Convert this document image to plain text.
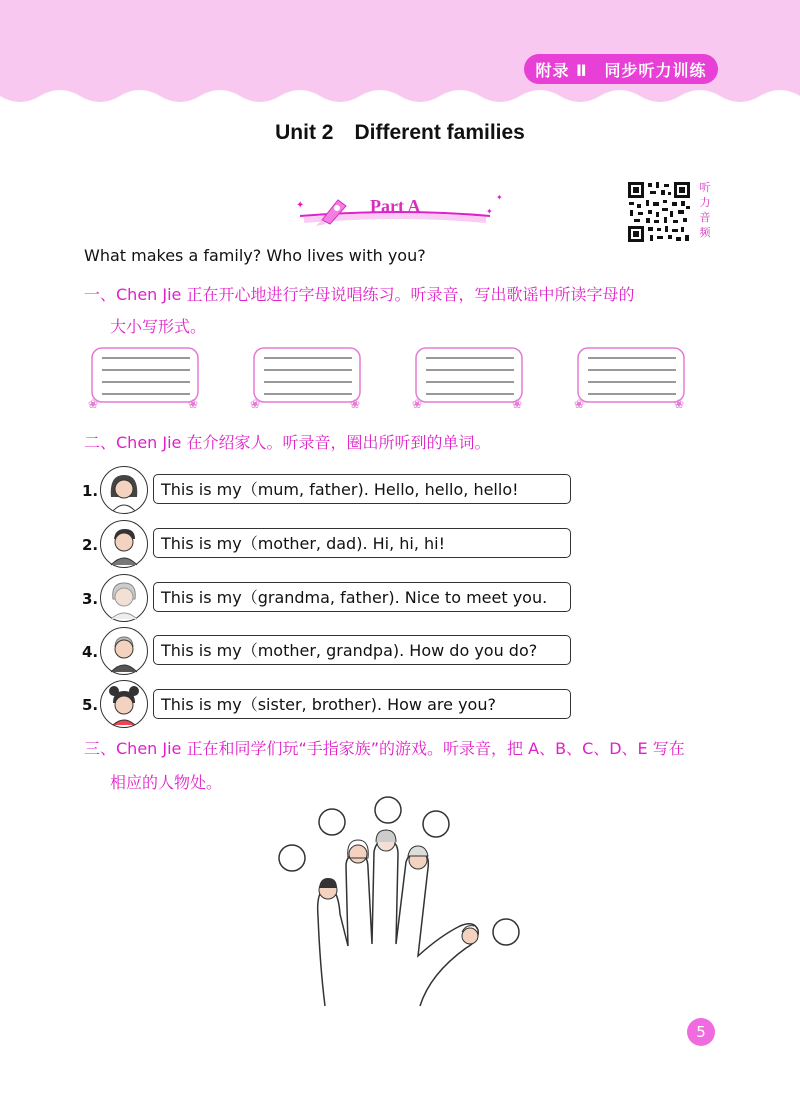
附录 Ⅱ　同步听力训练
Unit 2　Different families
✦
✦
✦
Part A
听
力
音
频
What makes a family? Who lives with you?
一、Chen Jie 正在开心地进行字母说唱练习。听录音，写出歌谣中所读字母的
大小写形式。
❀	❀	❀	❀	❀	❀	❀	❀
二、Chen Jie 在介绍家人。听录音，圈出所听到的单词。
1.	This is my（mum, father). Hello, hello, hello!
2.	This is my（mother, dad). Hi, hi, hi!
3.	This is my（grandma, father). Nice to meet you.
4.	This is my（mother, grandpa). How do you do?
5.	This is my（sister, brother). How are you?
三、Chen Jie 正在和同学们玩“手指家族”的游戏。听录音，把 A、B、C、D、E 写在
相应的人物处。
5
